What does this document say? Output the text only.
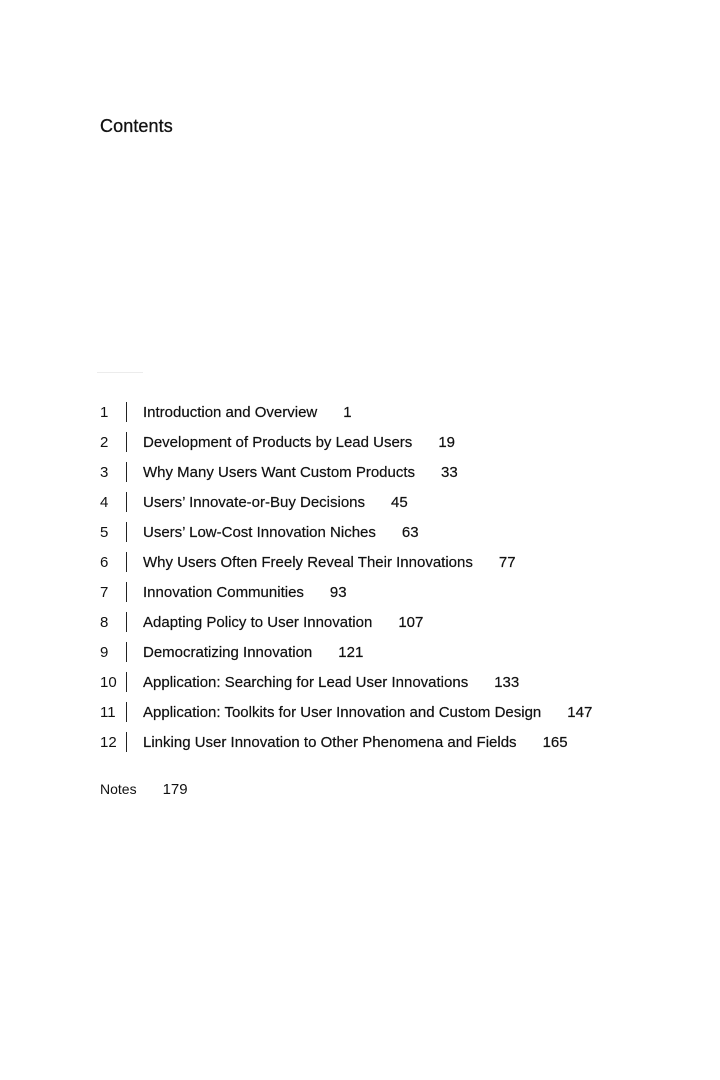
Contents
1	Introduction and Overview 1
2	Development of Products by Lead Users 19
3	Why Many Users Want Custom Products 33
4	Users’ Innovate-or-Buy Decisions 45
5	Users’ Low-Cost Innovation Niches 63
6	Why Users Often Freely Reveal Their Innovations 77
7	Innovation Communities 93
8	Adapting Policy to User Innovation 107
9	Democratizing Innovation 121
10	Application: Searching for Lead User Innovations 133
11	Application: Toolkits for User Innovation and Custom Design 147
12	Linking User Innovation to Other Phenomena and Fields 165
Notes 179
